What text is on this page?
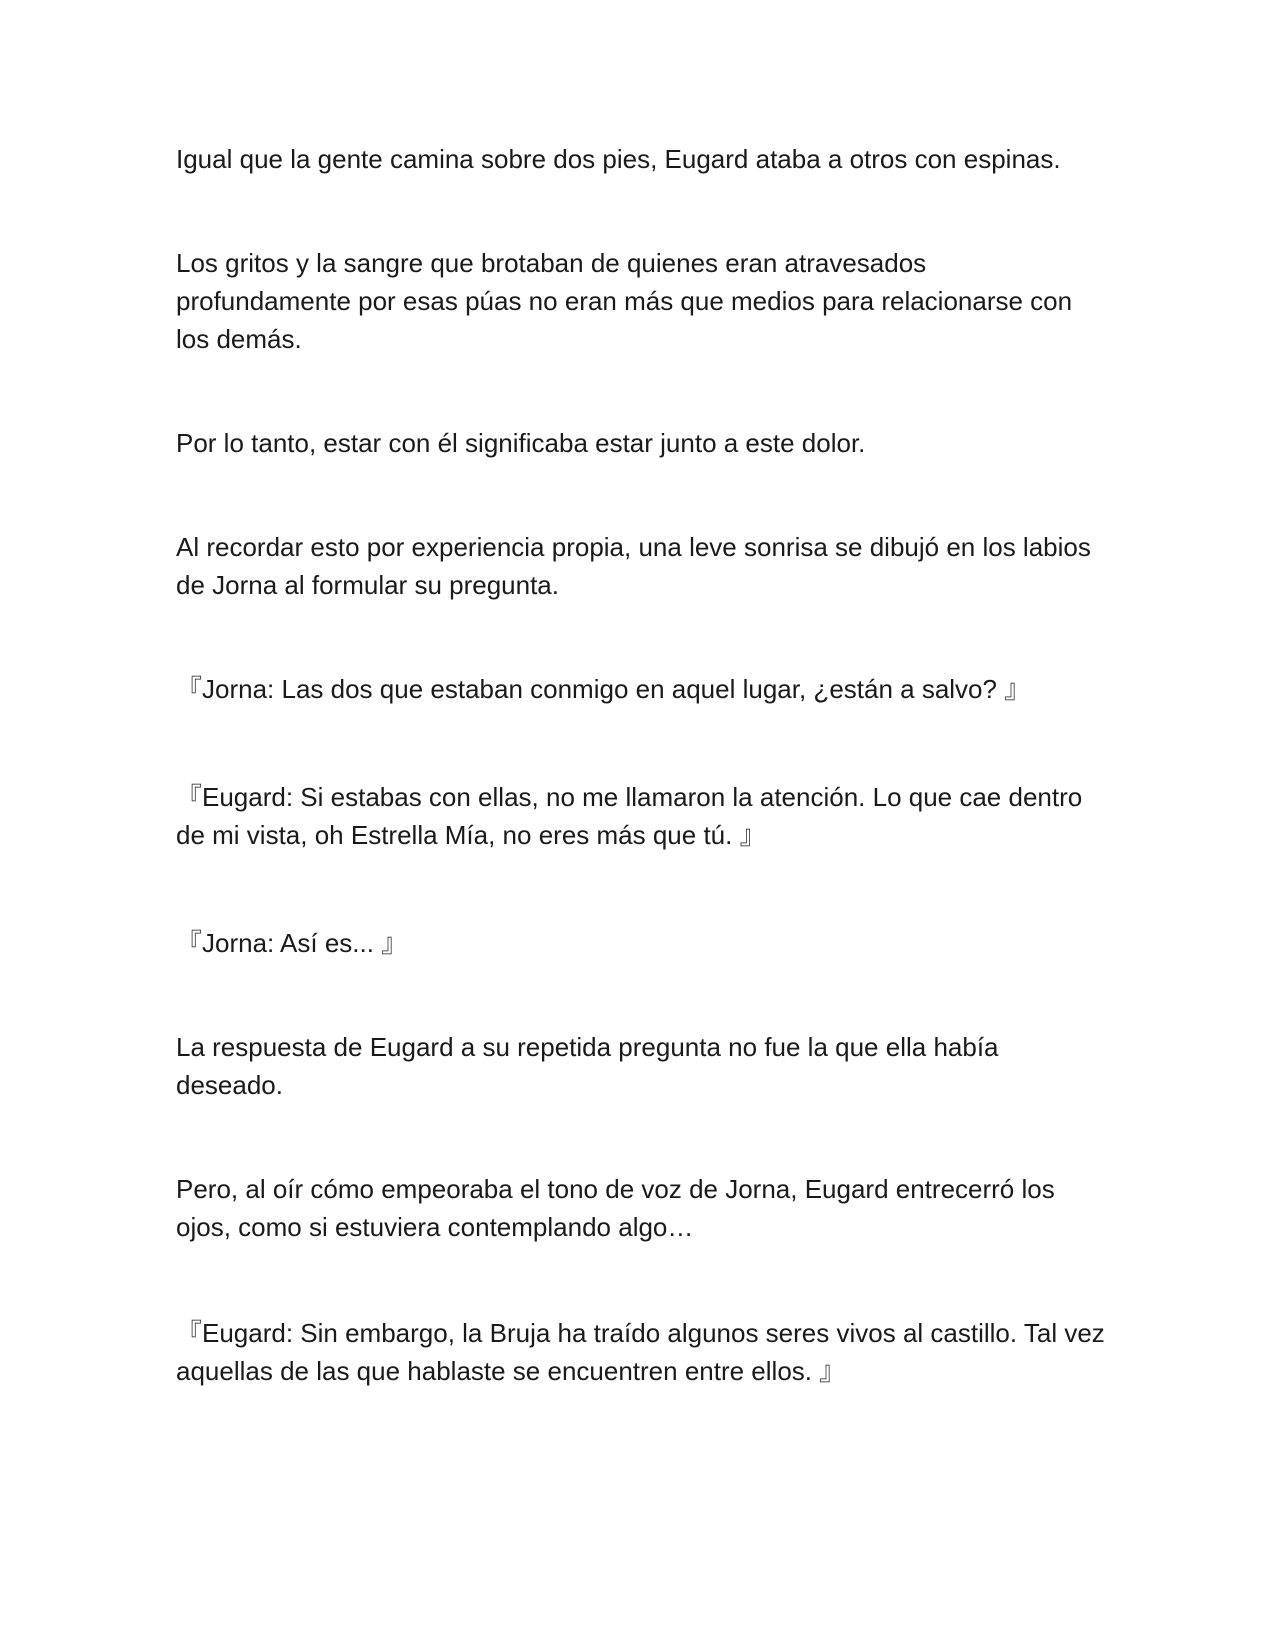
Igual que la gente camina sobre dos pies, Eugard ataba a otros con espinas.

Los gritos y la sangre que brotaban de quienes eran atravesados profundamente por esas púas no eran más que medios para relacionarse con los demás.

Por lo tanto, estar con él significaba estar junto a este dolor.

Al recordar esto por experiencia propia, una leve sonrisa se dibujó en los labios de Jorna al formular su pregunta.

『Jorna: Las dos que estaban conmigo en aquel lugar, ¿están a salvo? 』

『Eugard: Si estabas con ellas, no me llamaron la atención. Lo que cae dentro de mi vista, oh Estrella Mía, no eres más que tú. 』

『Jorna: Así es... 』

La respuesta de Eugard a su repetida pregunta no fue la que ella había deseado.

Pero, al oír cómo empeoraba el tono de voz de Jorna, Eugard entrecerró los ojos, como si estuviera contemplando algo…

『Eugard: Sin embargo, la Bruja ha traído algunos seres vivos al castillo. Tal vez aquellas de las que hablaste se encuentren entre ellos. 』
